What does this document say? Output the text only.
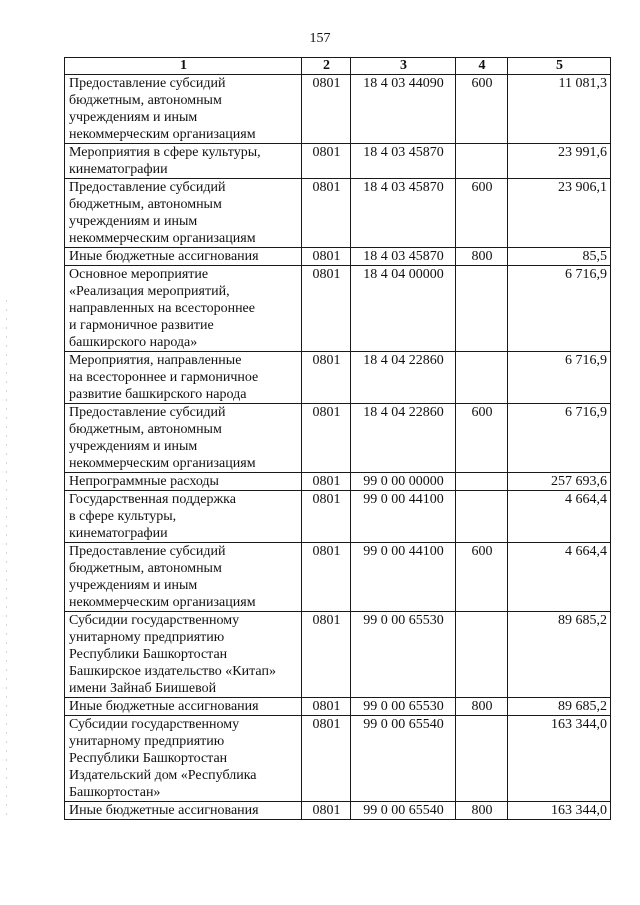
157
1	2	3	4	5

Предоставление субсидий
бюджетным, автономным
учреждениям и иным
некоммерческим организациям	0801	18 4 03 44090	600	11 081,3

Мероприятия в сфере культуры,
кинематографии	0801	18 4 03 45870		23 991,6

Предоставление субсидий
бюджетным, автономным
учреждениям и иным
некоммерческим организациям	0801	18 4 03 45870	600	23 906,1

Иные бюджетные ассигнования	0801	18 4 03 45870	800	85,5

Основное мероприятие
«Реализация мероприятий,
направленных на всестороннее
и гармоничное развитие
башкирского народа»	0801	18 4 04 00000		6 716,9

Мероприятия, направленные
на всестороннее и гармоничное
развитие башкирского народа	0801	18 4 04 22860		6 716,9

Предоставление субсидий
бюджетным, автономным
учреждениям и иным
некоммерческим организациям	0801	18 4 04 22860	600	6 716,9

Непрограммные расходы	0801	99 0 00 00000		257 693,6

Государственная поддержка
в сфере культуры,
кинематографии	0801	99 0 00 44100		4 664,4

Предоставление субсидий
бюджетным, автономным
учреждениям и иным
некоммерческим организациям	0801	99 0 00 44100	600	4 664,4

Субсидии государственному
унитарному предприятию
Республики Башкортостан
Башкирское издательство «Китап»
имени Зайнаб Биишевой	0801	99 0 00 65530		89 685,2

Иные бюджетные ассигнования	0801	99 0 00 65530	800	89 685,2

Субсидии государственному
унитарному предприятию
Республики Башкортостан
Издательский дом «Республика
Башкортостан»	0801	99 0 00 65540		163 344,0

Иные бюджетные ассигнования	0801	99 0 00 65540	800	163 344,0
